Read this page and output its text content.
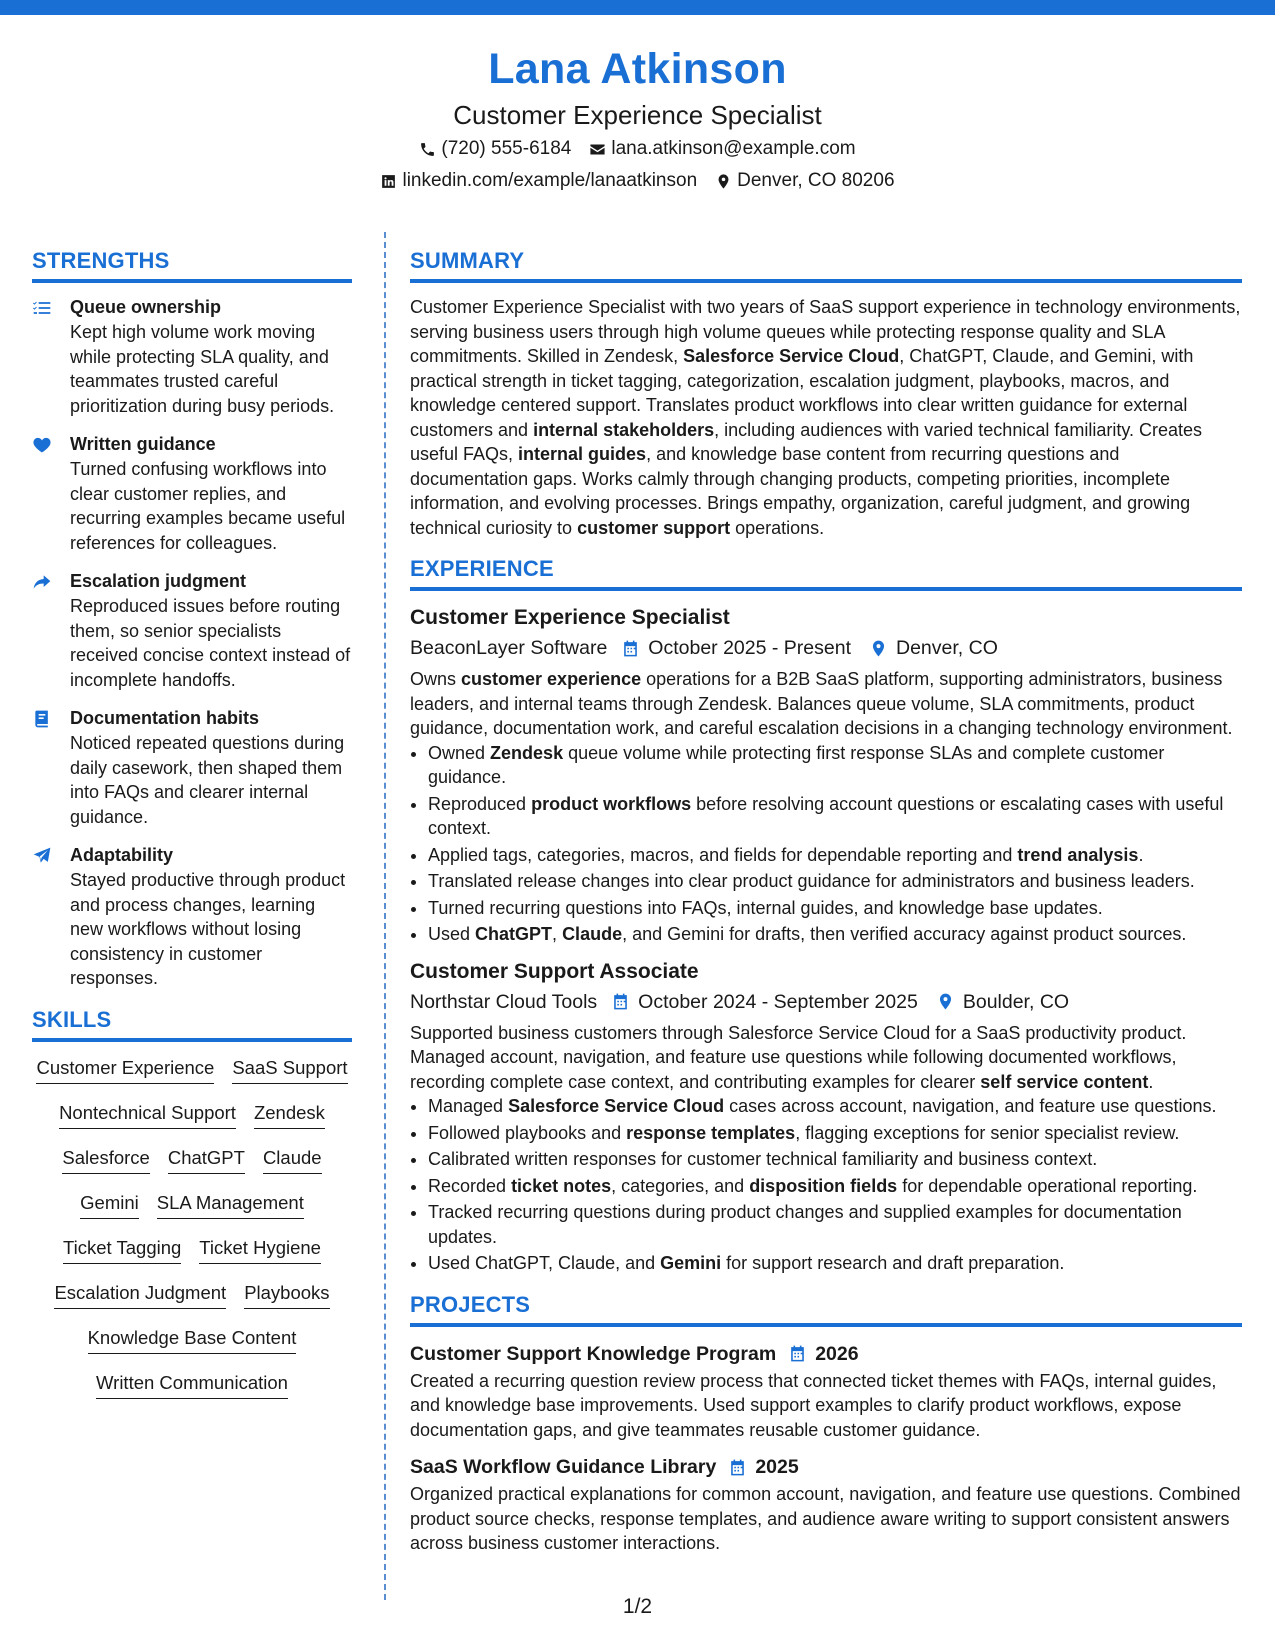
Lana Atkinson
Customer Experience Specialist
(720) 555-6184 lana.atkinson@example.com
linkedin.com/example/lanaatkinson Denver, CO 80206
STRENGTHS
Queue ownership
Kept high volume work moving while protecting SLA quality, and teammates trusted careful prioritization during busy periods.
Written guidance
Turned confusing workflows into clear customer replies, and recurring examples became useful references for colleagues.
Escalation judgment
Reproduced issues before routing them, so senior specialists received concise context instead of incomplete handoffs.
Documentation habits
Noticed repeated questions during daily casework, then shaped them into FAQs and clearer internal guidance.
Adaptability
Stayed productive through product and process changes, learning new workflows without losing consistency in customer responses.
SKILLS
Customer Experience SaaS Support
Nontechnical Support Zendesk
Salesforce ChatGPT Claude
Gemini SLA Management
Ticket Tagging Ticket Hygiene
Escalation Judgment Playbooks
Knowledge Base Content
Written Communication
SUMMARY
Customer Experience Specialist with two years of SaaS support experience in technology environments, serving business users through high volume queues while protecting response quality and SLA commitments. Skilled in Zendesk, Salesforce Service Cloud, ChatGPT, Claude, and Gemini, with practical strength in ticket tagging, categorization, escalation judgment, playbooks, macros, and knowledge centered support. Translates product workflows into clear written guidance for external customers and internal stakeholders, including audiences with varied technical familiarity. Creates useful FAQs, internal guides, and knowledge base content from recurring questions and documentation gaps. Works calmly through changing products, competing priorities, incomplete information, and evolving processes. Brings empathy, organization, careful judgment, and growing technical curiosity to customer support operations.
EXPERIENCE
Customer Experience Specialist
BeaconLayer Software October 2025 - Present Denver, CO
Owns customer experience operations for a B2B SaaS platform, supporting administrators, business leaders, and internal teams through Zendesk. Balances queue volume, SLA commitments, product guidance, documentation work, and careful escalation decisions in a changing technology environment.
• Owned Zendesk queue volume while protecting first response SLAs and complete customer guidance.
• Reproduced product workflows before resolving account questions or escalating cases with useful context.
• Applied tags, categories, macros, and fields for dependable reporting and trend analysis.
• Translated release changes into clear product guidance for administrators and business leaders.
• Turned recurring questions into FAQs, internal guides, and knowledge base updates.
• Used ChatGPT, Claude, and Gemini for drafts, then verified accuracy against product sources.
Customer Support Associate
Northstar Cloud Tools October 2024 - September 2025 Boulder, CO
Supported business customers through Salesforce Service Cloud for a SaaS productivity product. Managed account, navigation, and feature use questions while following documented workflows, recording complete case context, and contributing examples for clearer self service content.
• Managed Salesforce Service Cloud cases across account, navigation, and feature use questions.
• Followed playbooks and response templates, flagging exceptions for senior specialist review.
• Calibrated written responses for customer technical familiarity and business context.
• Recorded ticket notes, categories, and disposition fields for dependable operational reporting.
• Tracked recurring questions during product changes and supplied examples for documentation updates.
• Used ChatGPT, Claude, and Gemini for support research and draft preparation.
PROJECTS
Customer Support Knowledge Program 2026
Created a recurring question review process that connected ticket themes with FAQs, internal guides, and knowledge base improvements. Used support examples to clarify product workflows, expose documentation gaps, and give teammates reusable customer guidance.
SaaS Workflow Guidance Library 2025
Organized practical explanations for common account, navigation, and feature use questions. Combined product source checks, response templates, and audience aware writing to support consistent answers across business customer interactions.
1/2
